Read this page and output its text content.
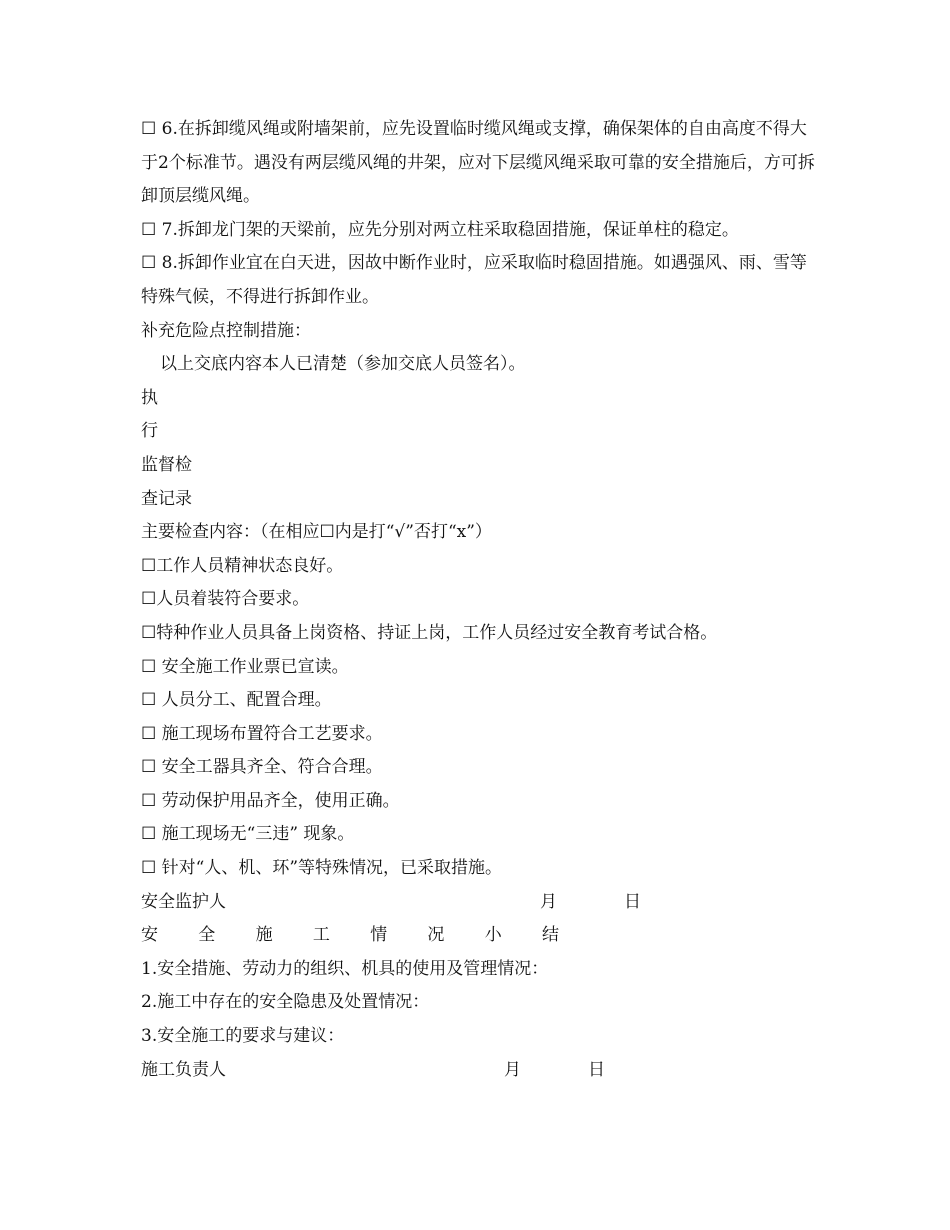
☐ 6.在拆卸缆风绳或附墙架前，应先设置临时缆风绳或支撑，确保架体的自由高度不得大于2个标准节。遇没有两层缆风绳的井架，应对下层缆风绳采取可靠的安全措施后，方可拆卸顶层缆风绳。

☐ 7.拆卸龙门架的天梁前，应先分别对两立柱采取稳固措施，保证单柱的稳定。

☐ 8.拆卸作业宜在白天进，因故中断作业时，应采取临时稳固措施。如遇强风、雨、雪等特殊气候，不得进行拆卸作业。

补充危险点控制措施：

以上交底内容本人已清楚（参加交底人员签名）。

执

行

监督检

查记录

主要检查内容：（在相应☐内是打“√”否打“x”）

☐工作人员精神状态良好。

☐人员着装符合要求。

☐特种作业人员具备上岗资格、持证上岗，工作人员经过安全教育考试合格。

☐ 安全施工作业票已宣读。

☐ 人员分工、配置合理。

☐ 施工现场布置符合工艺要求。

☐ 安全工器具齐全、符合合理。

☐ 劳动保护用品齐全，使用正确。

☐ 施工现场无“三违” 现象。

☐ 针对“人、机、环”等特殊情况，已采取措施。

安全监护人	月	日
安 全 施 工 情 况 小 结

1.安全措施、劳动力的组织、机具的使用及管理情况：

2.施工中存在的安全隐患及处置情况：

3.安全施工的要求与建议：

施工负责人	月	日
